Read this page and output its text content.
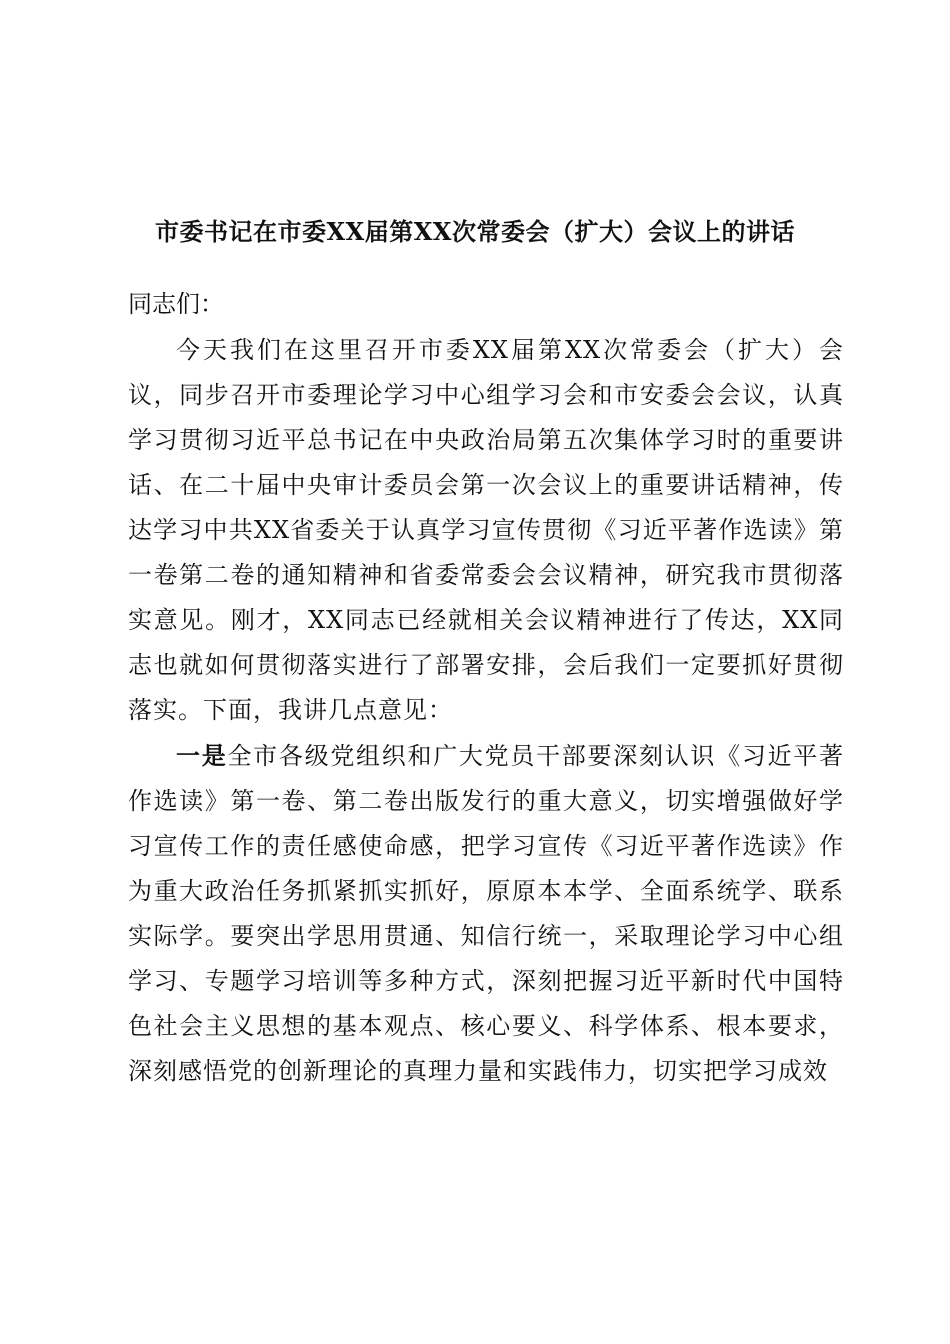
市委书记在市委XX届第XX次常委会（扩大）会议上的讲话

同志们：

今天我们在这里召开市委XX届第XX次常委会（扩大）会议，同步召开市委理论学习中心组学习会和市安委会会议，认真学习贯彻习近平总书记在中央政治局第五次集体学习时的重要讲话、在二十届中央审计委员会第一次会议上的重要讲话精神，传达学习中共XX省委关于认真学习宣传贯彻《习近平著作选读》第一卷第二卷的通知精神和省委常委会会议精神，研究我市贯彻落实意见。刚才，XX同志已经就相关会议精神进行了传达，XX同志也就如何贯彻落实进行了部署安排，会后我们一定要抓好贯彻落实。下面，我讲几点意见：

一是全市各级党组织和广大党员干部要深刻认识《习近平著作选读》第一卷、第二卷出版发行的重大意义，切实增强做好学习宣传工作的责任感使命感，把学习宣传《习近平著作选读》作为重大政治任务抓紧抓实抓好，原原本本学、全面系统学、联系实际学。要突出学思用贯通、知信行统一，采取理论学习中心组学习、专题学习培训等多种方式，深刻把握习近平新时代中国特色社会主义思想的基本观点、核心要义、科学体系、根本要求，深刻感悟党的创新理论的真理力量和实践伟力，切实把学习成效
